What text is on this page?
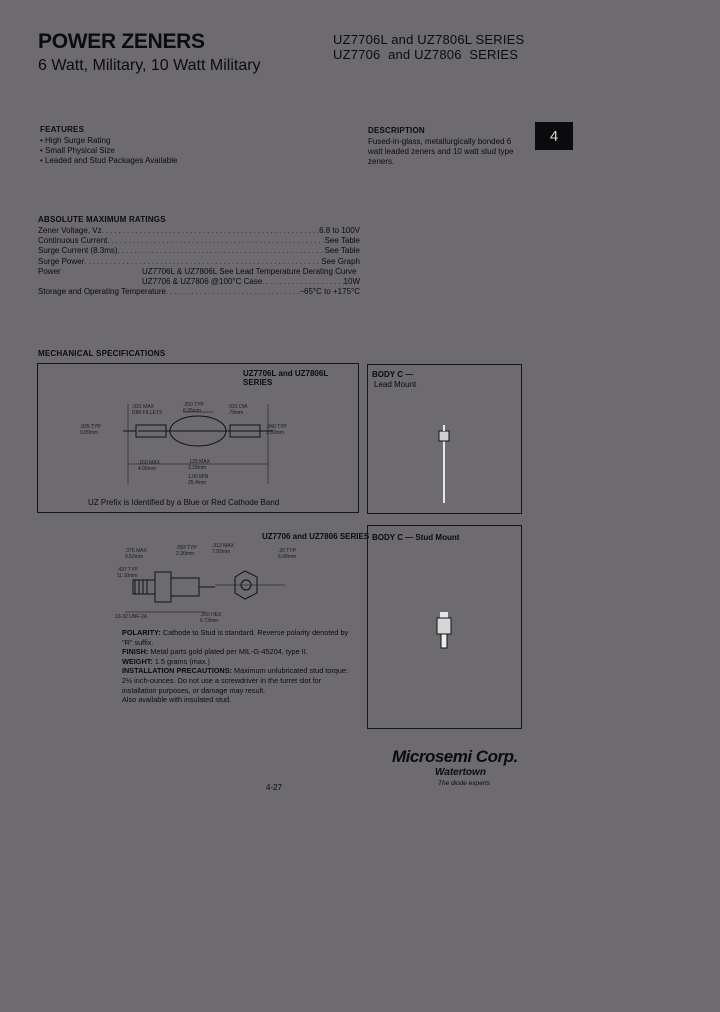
POWER ZENERS
6 Watt, Military, 10 Watt Military
UZ7706L and UZ7806L SERIES
UZ7706  and UZ7806  SERIES
FEATURES
• High Surge Rating
• Small Physical Size
• Leaded and Stud Packages Available
DESCRIPTION
Fused-in-glass, metallurgically bonded 6 watt leaded zeners and 10 watt stud type zeners.
4
ABSOLUTE MAXIMUM RATINGS
Zener Voltage, Vz .....	6.8 to 100V
Continuous Current .....	See Table
Surge Current (8.3ms) .....	See Table
Surge Power .....	See Graph
Power	UZ7706L & UZ7806L See Lead Temperature Derating Curve
UZ7706 & UZ7806 @100°C Case .....	10W
Storage and Operating Temperature .....	−65°C to +175°C
MECHANICAL SPECIFICATIONS
UZ7706L and UZ7806L SERIES
.031 MAX
DIM FILLETS
.250 TYP
6.35mm
.031 DIA
.79mm
.035 TYP
0.89mm
.040 TYP
1.02mm
.160 MAX
4.06mm
.125 MAX
3.18mm
1.00 MIN
25.4mm
UZ Prefix is Identified by a Blue or Red Cathode Band
BODY C —
Lead Mount
UZ7706 and UZ7806 SERIES
.375 MAX
9.52mm
.437 TYP
11.10mm
.093 TYP
2.36mm
.312 MAX
7.92mm
10-32 UNF-2A	.265 HEX
6.73mm
.20 TYP
5.08mm
BODY C — Stud Mount
POLARITY: Cathode to Stud is standard. Reverse polarity denoted by "R" suffix.
FINISH: Metal parts gold plated per MIL-G-45204, type II.
WEIGHT: 1.5 grams (max.)
INSTALLATION PRECAUTIONS: Maximum unlubricated stud torque: 2½ inch-ounces. Do not use a screwdriver in the turret slot for installation purposes, or damage may result.
Also available with insulated stud.
Microsemi Corp.
Watertown
The diode experts
4-27
